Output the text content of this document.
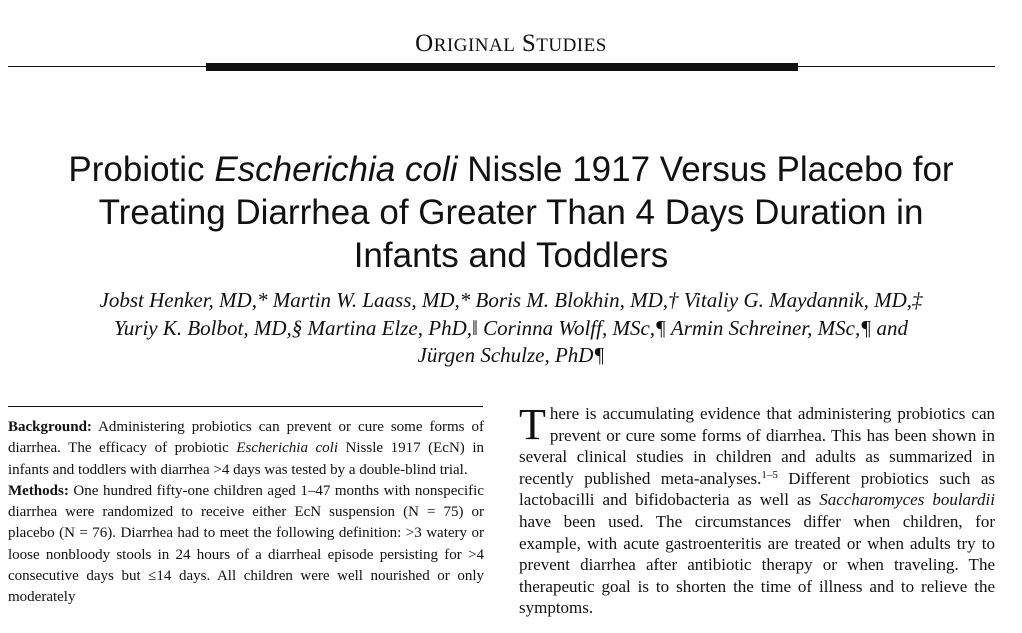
ORIGINAL STUDIES
Probiotic Escherichia coli Nissle 1917 Versus Placebo for
Treating Diarrhea of Greater Than 4 Days Duration in
Infants and Toddlers
Jobst Henker, MD,* Martin W. Laass, MD,* Boris M. Blokhin, MD,† Vitaliy G. Maydannik, MD,‡
Yuriy K. Bolbot, MD,§ Martina Elze, PhD,‖ Corinna Wolff, MSc,¶ Armin Schreiner, MSc,¶ and
Jürgen Schulze, PhD¶

Background: Administering probiotics can prevent or cure some forms of diarrhea. The efficacy of probiotic Escherichia coli Nissle 1917 (EcN) in infants and toddlers with diarrhea >4 days was tested by a double-blind trial.

Methods: One hundred fifty-one children aged 1–47 months with nonspecific diarrhea were randomized to receive either EcN suspension (N = 75) or placebo (N = 76). Diarrhea had to meet the following definition: >3 watery or loose nonbloody stools in 24 hours of a diarrheal episode persisting for >4 consecutive days but ≤14 days. All children were well nourished or only moderately

T here is accumulating evidence that administering probiotics can prevent or cure some forms of diarrhea. This has been shown in several clinical studies in children and adults as summarized in recently published meta-analyses.$^{1-5}$ Different probiotics such as lactobacilli and bifidobacteria as well as Saccharomyces boulardii have been used. The circumstances differ when children, for example, with acute gastroenteritis are treated or when adults try to prevent diarrhea after antibiotic therapy or when traveling. The therapeutic goal is to shorten the time of illness and to relieve the symptoms.
